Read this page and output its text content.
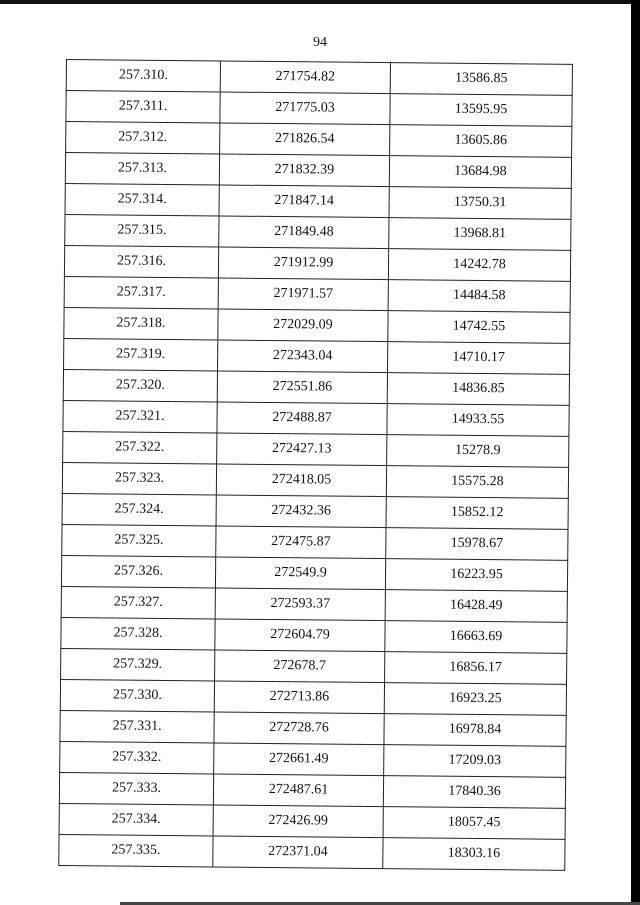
94
257.310.	271754.82	13586.85
257.311.	271775.03	13595.95
257.312.	271826.54	13605.86
257.313.	271832.39	13684.98
257.314.	271847.14	13750.31
257.315.	271849.48	13968.81
257.316.	271912.99	14242.78
257.317.	271971.57	14484.58
257.318.	272029.09	14742.55
257.319.	272343.04	14710.17
257.320.	272551.86	14836.85
257.321.	272488.87	14933.55
257.322.	272427.13	15278.9
257.323.	272418.05	15575.28
257.324.	272432.36	15852.12
257.325.	272475.87	15978.67
257.326.	272549.9	16223.95
257.327.	272593.37	16428.49
257.328.	272604.79	16663.69
257.329.	272678.7	16856.17
257.330.	272713.86	16923.25
257.331.	272728.76	16978.84
257.332.	272661.49	17209.03
257.333.	272487.61	17840.36
257.334.	272426.99	18057.45
257.335.	272371.04	18303.16
